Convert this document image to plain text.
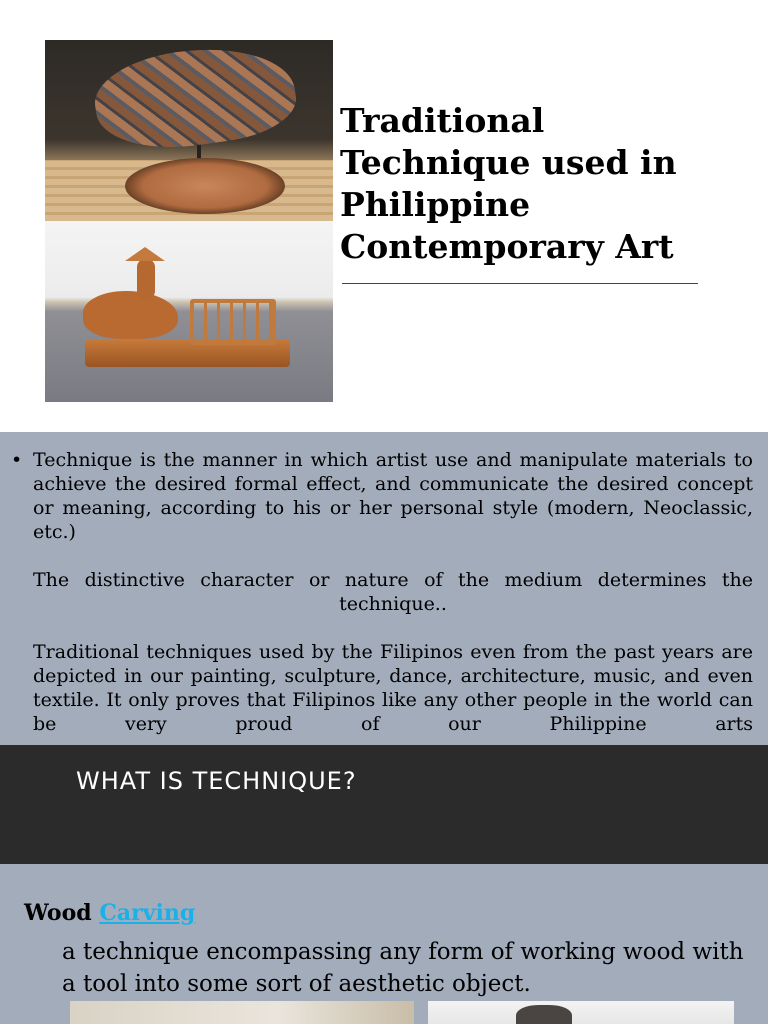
Traditional
Technique used in
Philippine
Contemporary Art

• Technique is the manner in which artist use and manipulate materials to achieve the desired formal effect, and communicate the desired concept or meaning, according to his or her personal style (modern, Neoclassic, etc.)

The distinctive character or nature of the medium determines the technique..

Traditional techniques used by the Filipinos even from the past years are depicted in our painting, sculpture, dance, architecture, music, and even textile. It only proves that Filipinos like any other people in the world can be very proud of our Philippine arts

WHAT IS TECHNIQUE?
Wood Carving

a technique encompassing any form of working wood with a tool into some sort of aesthetic object.
